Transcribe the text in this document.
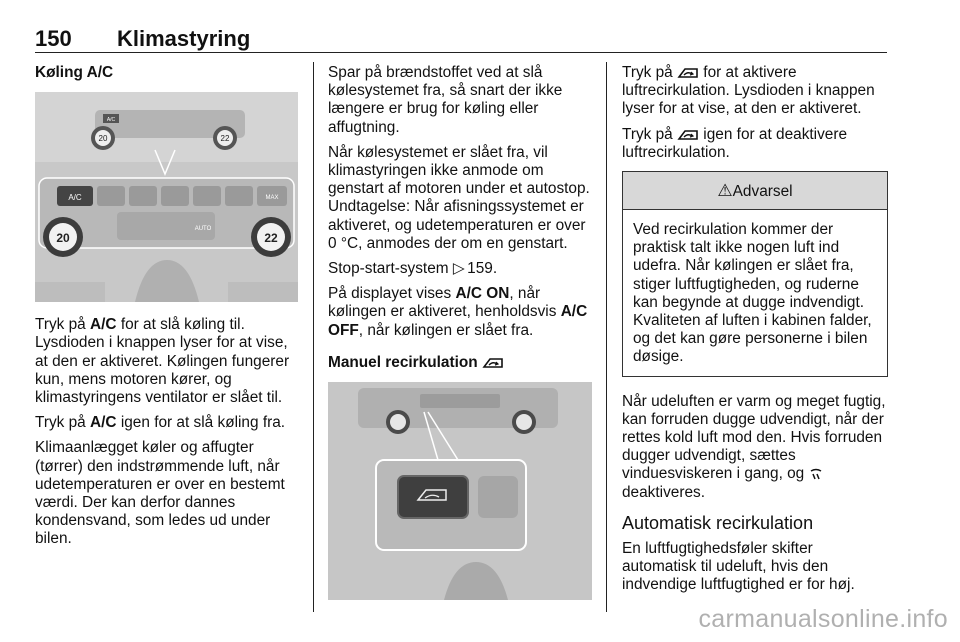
150 Klimastyring
Køling A/C
A/C
20	22
A/C	MAX
AUTO
20	22

Tryk på A/C for at slå køling til. Lysdioden i knappen lyser for at vise, at den er aktiveret. Kølingen fungerer kun, mens motoren kører, og klimastyringens ventilator er slået til.

Tryk på A/C igen for at slå køling fra.

Klimaanlægget køler og affugter (tørrer) den indstrømmende luft, når udetemperaturen er over en bestemt værdi. Der kan derfor dannes kondensvand, som ledes ud under bilen.

Spar på brændstoffet ved at slå kølesystemet fra, så snart der ikke længere er brug for køling eller affugtning.

Når kølesystemet er slået fra, vil klimastyringen ikke anmode om genstart af motoren under et autostop. Undtagelse: Når afisningssystemet er aktiveret, og udetemperaturen er over 0 °C, anmodes der om en genstart.

Stop-start-system ▷ 159.

På displayet vises A/C ON, når kølingen er aktiveret, henholdsvis A/C OFF, når kølingen er slået fra.

Manuel recirkulation

Tryk på  for at aktivere luftrecirkulation. Lysdioden i knappen lyser for at vise, at den er aktiveret.

Tryk på  igen for at deaktivere luftrecirkulation.

⚠Advarsel
Ved recirkulation kommer der praktisk talt ikke nogen luft ind udefra. Når kølingen er slået fra, stiger luftfugtigheden, og ruderne kan begynde at dugge indvendigt. Kvaliteten af luften i kabinen falder, og det kan gøre personerne i bilen døsige.

Når udeluften er varm og meget fugtig, kan forruden dugge udvendigt, når der rettes kold luft mod den. Hvis forruden dugger udvendigt, sættes vinduesviskeren i gang, og  deaktiveres.

Automatisk recirkulation

En luftfugtighedsføler skifter automatisk til udeluft, hvis den indvendige luftfugtighed er for høj.

carmanualsonline.info
